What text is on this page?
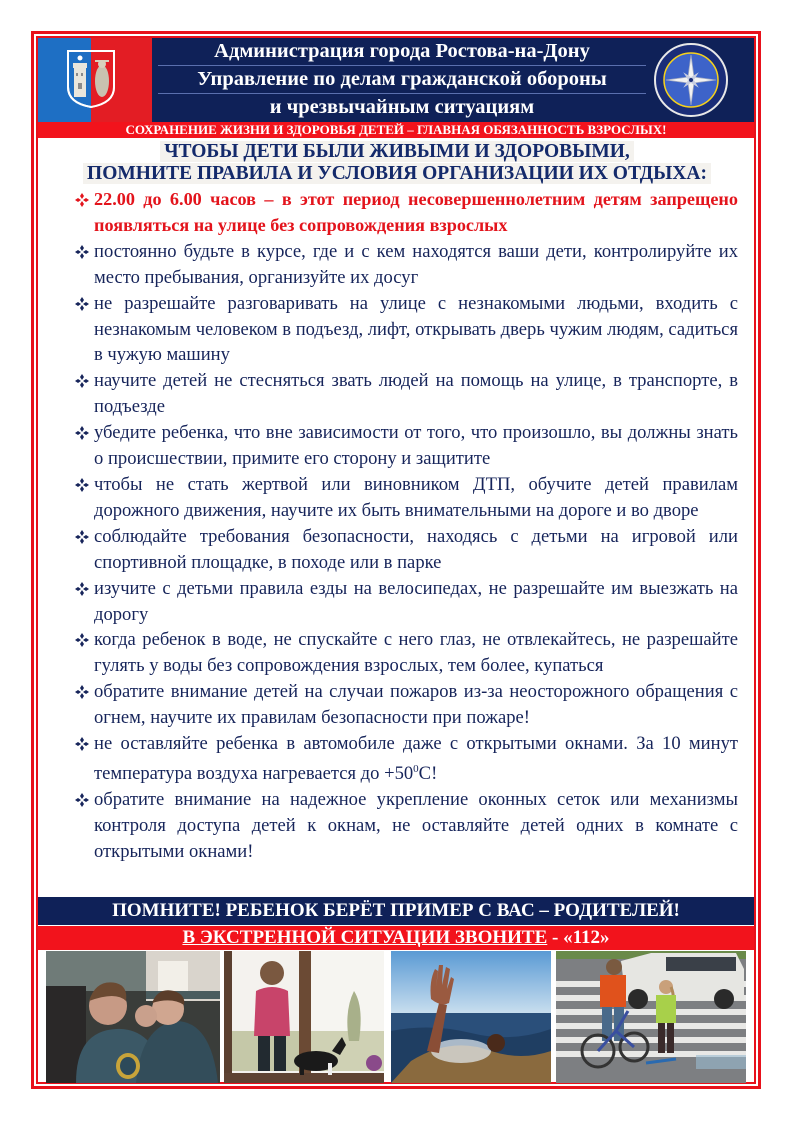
Администрация города Ростова-на-Дону
Управление по делам гражданской обороны
и чрезвычайным ситуациям
СОХРАНЕНИЕ ЖИЗНИ И ЗДОРОВЬЯ ДЕТЕЙ – ГЛАВНАЯ ОБЯЗАННОСТЬ ВЗРОСЛЫХ!
ЧТОБЫ ДЕТИ БЫЛИ ЖИВЫМИ И ЗДОРОВЫМИ,
ПОМНИТЕ ПРАВИЛА И УСЛОВИЯ ОРГАНИЗАЦИИ ИХ ОТДЫХА:
22.00 до 6.00 часов – в этот период несовершеннолетним детям запрещено появляться на улице без сопровождения взрослых
постоянно будьте в курсе, где и с кем находятся ваши дети, контролируйте их место пребывания, организуйте их досуг
не разрешайте разговаривать на улице с незнакомыми людьми, входить с незнакомым человеком в подъезд, лифт, открывать дверь чужим людям, садиться в чужую машину
научите детей не стесняться звать людей на помощь на улице, в транспорте, в подъезде
убедите ребенка, что вне зависимости от того, что произошло, вы должны знать о происшествии, примите его сторону и защитите
чтобы не стать жертвой или виновником ДТП, обучите детей правилам дорожного движения, научите их быть внимательными на дороге и во дворе
соблюдайте требования безопасности, находясь с детьми на игровой или спортивной площадке, в походе или в парке
изучите с детьми правила езды на велосипедах, не разрешайте им выезжать на дорогу
когда ребенок в воде, не спускайте с него глаз, не отвлекайтесь, не разрешайте гулять у воды без сопровождения взрослых, тем более, купаться
обратите внимание детей на случаи пожаров из-за неосторожного обращения с огнем, научите их правилам безопасности при пожаре!
не оставляйте ребенка в автомобиле даже с открытыми окнами. За 10 минут температура воздуха нагревается до $+50^0С$!
обратите внимание на надежное укрепление оконных сеток или механизмы контроля доступа детей к окнам, не оставляйте детей одних в комнате с открытыми окнами!
ПОМНИТЕ! РЕБЕНОК БЕРЁТ ПРИМЕР С ВАС – РОДИТЕЛЕЙ!
В ЭКСТРЕННОЙ СИТУАЦИИ ЗВОНИТЕ - «112»
